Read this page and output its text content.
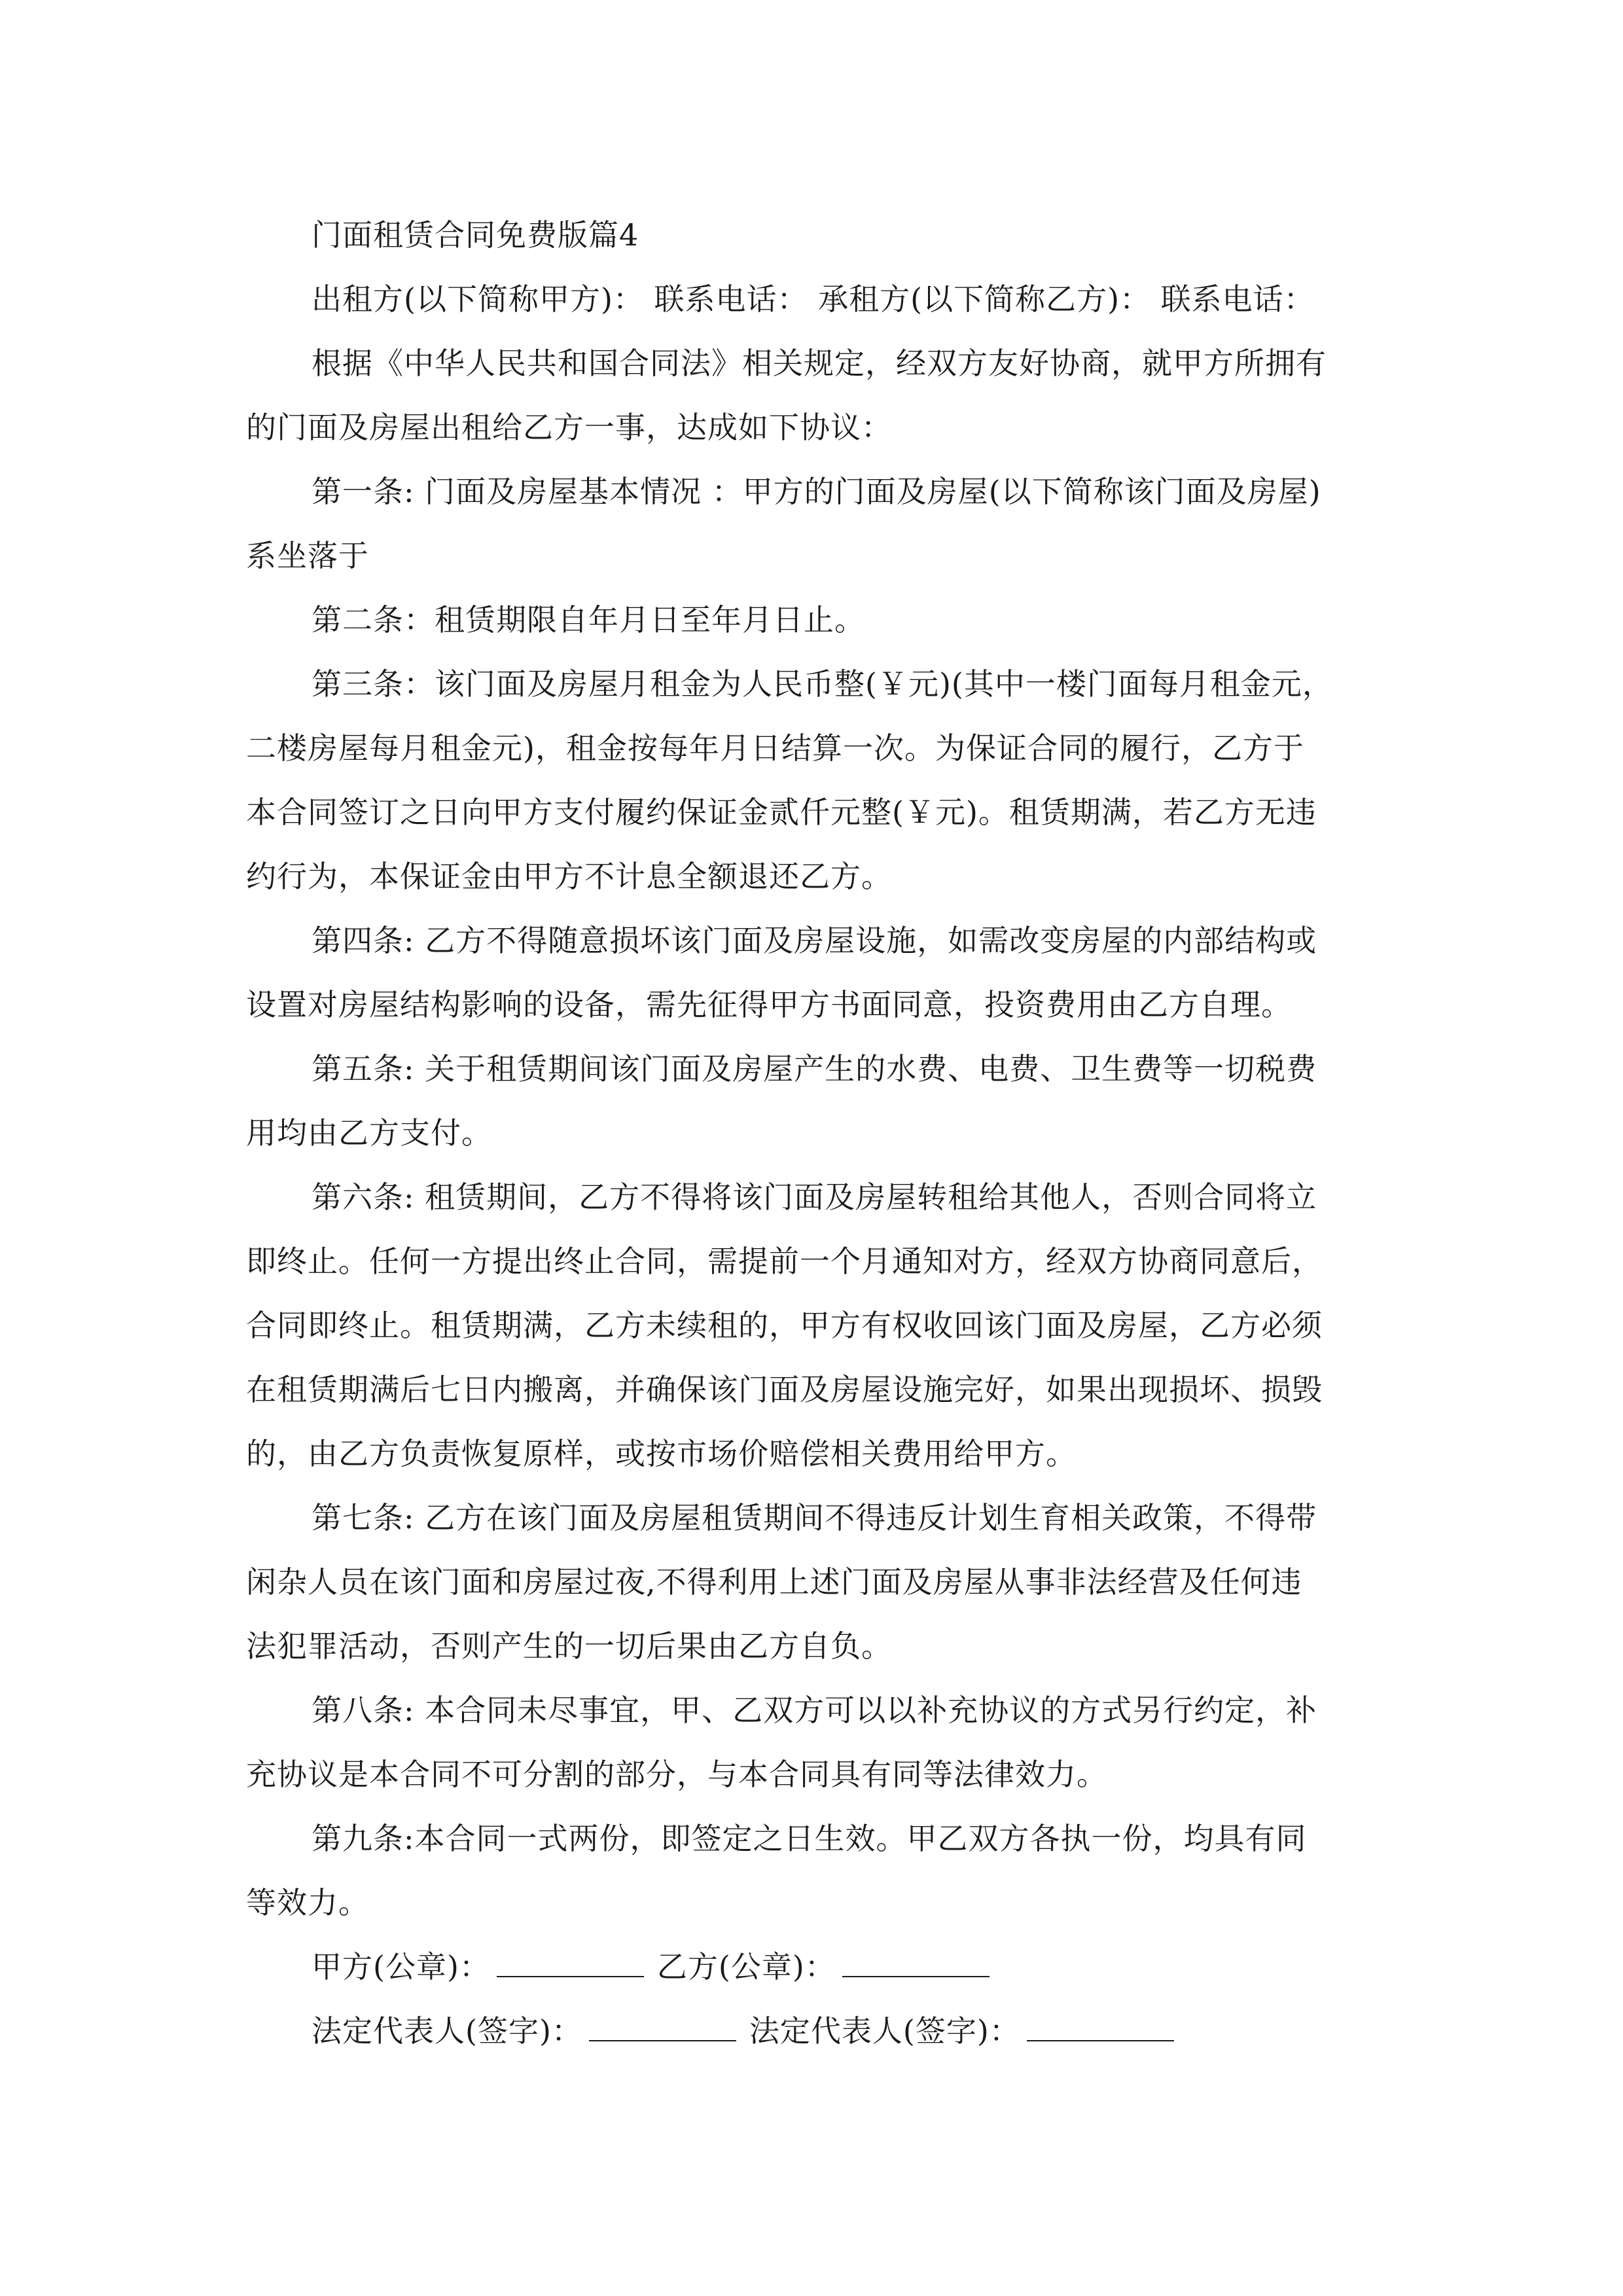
门面租赁合同免费版篇4
出租方(以下简称甲方)： 联系电话： 承租方(以下简称乙方)： 联系电话：
根据《中华人民共和国合同法》相关规定，经双方友好协商，就甲方所拥有
的门面及房屋出租给乙方一事，达成如下协议：
第一条: 门面及房屋基本情况 ：甲方的门面及房屋(以下简称该门面及房屋)
系坐落于
第二条：租赁期限自年月日至年月日止。
第三条：该门面及房屋月租金为人民币整(￥元)(其中一楼门面每月租金元，
二楼房屋每月租金元)，租金按每年月日结算一次。为保证合同的履行，乙方于
本合同签订之日向甲方支付履约保证金贰仟元整(￥元)。租赁期满，若乙方无违
约行为，本保证金由甲方不计息全额退还乙方。
第四条: 乙方不得随意损坏该门面及房屋设施，如需改变房屋的内部结构或
设置对房屋结构影响的设备，需先征得甲方书面同意，投资费用由乙方自理。
第五条: 关于租赁期间该门面及房屋产生的水费、电费、卫生费等一切税费
用均由乙方支付。
第六条: 租赁期间，乙方不得将该门面及房屋转租给其他人，否则合同将立
即终止。任何一方提出终止合同，需提前一个月通知对方，经双方协商同意后，
合同即终止。租赁期满，乙方未续租的，甲方有权收回该门面及房屋，乙方必须
在租赁期满后七日内搬离，并确保该门面及房屋设施完好，如果出现损坏、损毁
的，由乙方负责恢复原样，或按市场价赔偿相关费用给甲方。
第七条: 乙方在该门面及房屋租赁期间不得违反计划生育相关政策，不得带
闲杂人员在该门面和房屋过夜,不得利用上述门面及房屋从事非法经营及任何违
法犯罪活动，否则产生的一切后果由乙方自负。
第八条: 本合同未尽事宜，甲、乙双方可以以补充协议的方式另行约定，补
充协议是本合同不可分割的部分，与本合同具有同等法律效力。
第九条:本合同一式两份，即签定之日生效。甲乙双方各执一份，均具有同
等效力。
甲方(公章)：	乙方(公章)：
法定代表人(签字)：	法定代表人(签字)：
